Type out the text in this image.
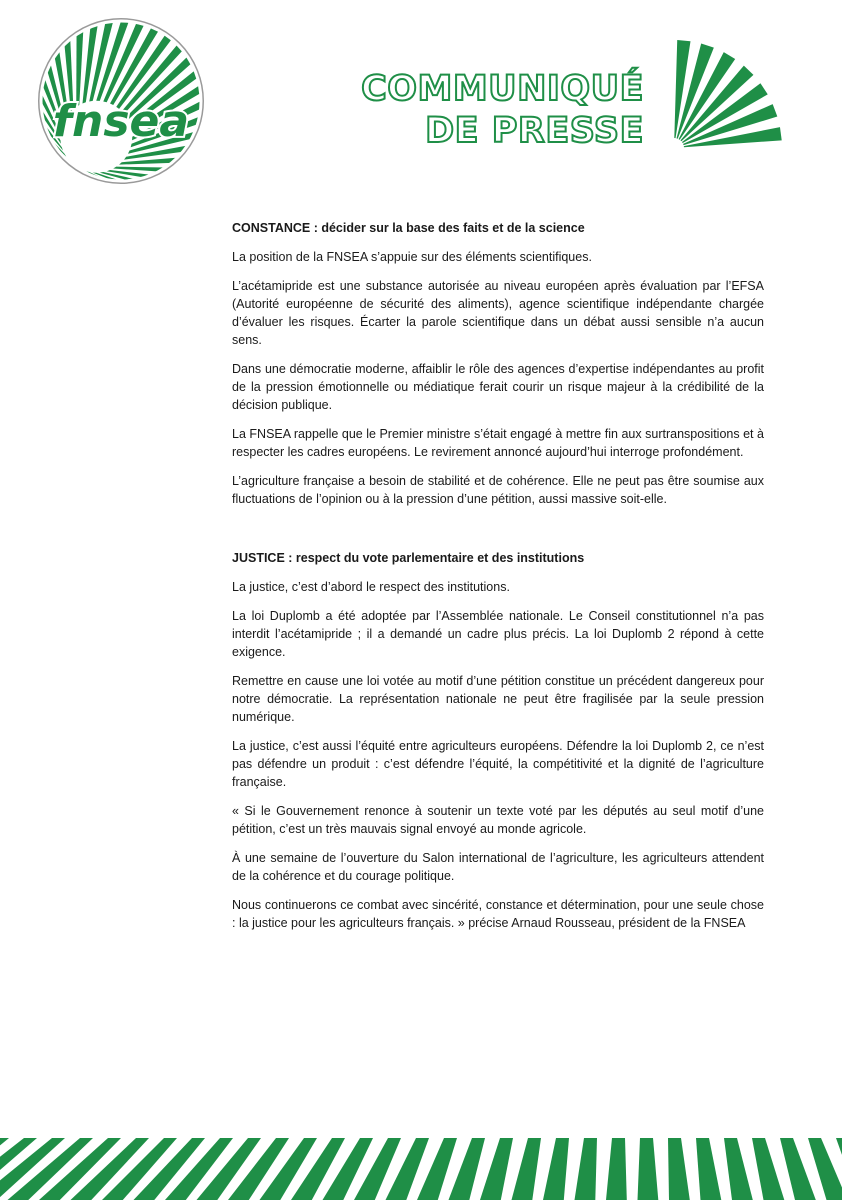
fnsea
COMMUNIQUÉ
DE PRESSE
CONSTANCE : décider sur la base des faits et de la science

La position de la FNSEA s’appuie sur des éléments scientifiques.

L’acétamipride est une substance autorisée au niveau européen après évaluation par l’EFSA (Autorité européenne de sécurité des aliments), agence scientifique indépendante chargée d’évaluer les risques. Écarter la parole scientifique dans un débat aussi sensible n’a aucun sens.

Dans une démocratie moderne, affaiblir le rôle des agences d’expertise indépendantes au profit de la pression émotionnelle ou médiatique ferait courir un risque majeur à la crédibilité de la décision publique.

La FNSEA rappelle que le Premier ministre s’était engagé à mettre fin aux surtranspositions et à respecter les cadres européens. Le revirement annoncé aujourd’hui interroge profondément.

L’agriculture française a besoin de stabilité et de cohérence. Elle ne peut pas être soumise aux fluctuations de l’opinion ou à la pression d’une pétition, aussi massive soit-elle.

JUSTICE : respect du vote parlementaire et des institutions

La justice, c’est d’abord le respect des institutions.

La loi Duplomb a été adoptée par l’Assemblée nationale. Le Conseil constitutionnel n’a pas interdit l’acétamipride ; il a demandé un cadre plus précis. La loi Duplomb 2 répond à cette exigence.

Remettre en cause une loi votée au motif d’une pétition constitue un précédent dangereux pour notre démocratie. La représentation nationale ne peut être fragilisée par la seule pression numérique.

La justice, c’est aussi l’équité entre agriculteurs européens. Défendre la loi Duplomb 2, ce n’est pas défendre un produit : c’est défendre l’équité, la compétitivité et la dignité de l’agriculture française.

« Si le Gouvernement renonce à soutenir un texte voté par les députés au seul motif d’une pétition, c’est un très mauvais signal envoyé au monde agricole.

À une semaine de l’ouverture du Salon international de l’agriculture, les agriculteurs attendent de la cohérence et du courage politique.

Nous continuerons ce combat avec sincérité, constance et détermination, pour une seule chose : la justice pour les agriculteurs français. » précise Arnaud Rousseau, président de la FNSEA
